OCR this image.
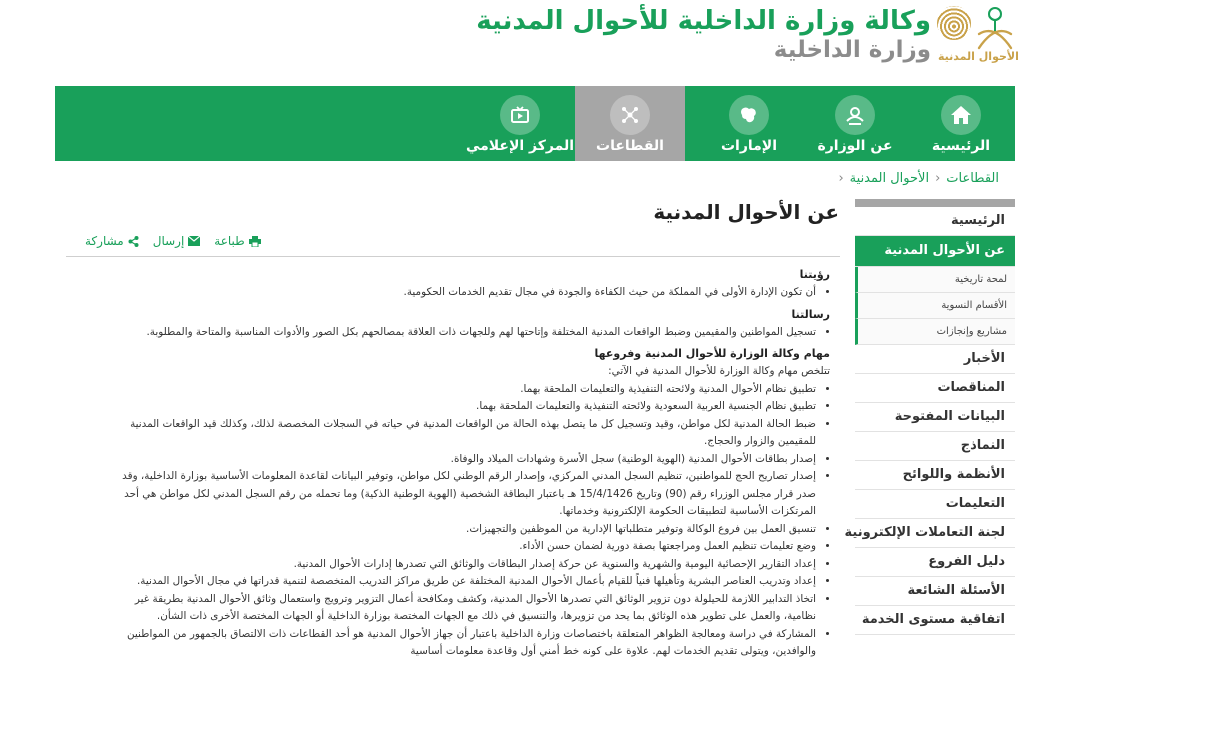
وكالة وزارة الداخلية للأحوال المدنية
وزارة الداخلية الأحوال المدنية
الرئيسية
عن الوزارة
الإمارات
القطاعات
المركز الإعلامي
القطاعات‹الأحوال المدنية‹
عن الأحوال المدنية
مشاركة إرسال	طباعة
الرئيسية
عن الأحوال المدنية
لمحة تاريخية
الأقسام النسوية
مشاريع وإنجازات
الأخبار
المناقصات
البيانات المفتوحة
النماذج
الأنظمة واللوائح
التعليمات
لجنة التعاملات الإلكترونية
دليل الفروع
الأسئلة الشائعة
اتفاقية مستوى الخدمة
رؤيتنا
• أن تكون الإدارة الأولى في المملكة من حيث الكفاءة والجودة في مجال تقديم الخدمات الحكومية.
رسالتنا
• تسجيل المواطنين والمقيمين وضبط الواقعات المدنية المختلفة وإتاحتها لهم وللجهات ذات العلاقة بمصالحهم بكل الصور والأدوات المناسبة والمتاحة والمطلوبة.
مهام وكالة الوزارة للأحوال المدنية وفروعها

تتلخص مهام وكالة الوزارة للأحوال المدنية في الآتي:

• تطبيق نظام الأحوال المدنية ولائحته التنفيذية والتعليمات الملحقة بهما.
• تطبيق نظام الجنسية العربية السعودية ولائحته التنفيذية والتعليمات الملحقة بهما.
• ضبط الحالة المدنية لكل مواطن، وقيد وتسجيل كل ما يتصل بهذه الحالة من الواقعات المدنية في حياته في السجلات المخصصة لذلك، وكذلك قيد الواقعات المدنية للمقيمين والزوار والحجاج.
• إصدار بطاقات الأحوال المدنية (الهوية الوطنية) سجل الأسرة وشهادات الميلاد والوفاة.
• إصدار تصاريح الحج للمواطنين، تنظيم السجل المدني المركزي، وإصدار الرقم الوطني لكل مواطن، وتوفير البيانات لقاعدة المعلومات الأساسية بوزارة الداخلية، وقد صدر قرار مجلس الوزراء رقم (90) وتاريخ 15/4/1426 هـ باعتبار البطاقة الشخصية (الهوية الوطنية الذكية) وما تحمله من رقم السجل المدني لكل مواطن هي أحد المرتكزات الأساسية لتطبيقات الحكومة الإلكترونية وخدماتها.
• تنسيق العمل بين فروع الوكالة وتوفير متطلباتها الإدارية من الموظفين والتجهيزات.
• وضع تعليمات تنظيم العمل ومراجعتها بصفة دورية لضمان حسن الأداء.
• إعداد التقارير الإحصائية اليومية والشهرية والسنوية عن حركة إصدار البطاقات والوثائق التي تصدرها إدارات الأحوال المدنية.
• إعداد وتدريب العناصر البشرية وتأهيلها فنياً للقيام بأعمال الأحوال المدنية المختلفة عن طريق مراكز التدريب المتخصصة لتنمية قدراتها في مجال الأحوال المدنية.
• اتخاذ التدابير اللازمة للحيلولة دون تزوير الوثائق التي تصدرها الأحوال المدنية، وكشف ومكافحة أعمال التزوير وترويج واستعمال وثائق الأحوال المدنية بطريقة غير نظامية، والعمل على تطوير هذه الوثائق بما يحد من تزويرها، والتنسيق في ذلك مع الجهات المختصة بوزارة الداخلية أو الجهات المختصة الأخرى ذات الشأن.
• المشاركة في دراسة ومعالجة الظواهر المتعلقة باختصاصات وزارة الداخلية باعتبار أن جهاز الأحوال المدنية هو أحد القطاعات ذات الالتصاق بالجمهور من المواطنين والوافدين، ويتولى تقديم الخدمات لهم. علاوة على كونه خط أمني أول وقاعدة معلومات أساسية
